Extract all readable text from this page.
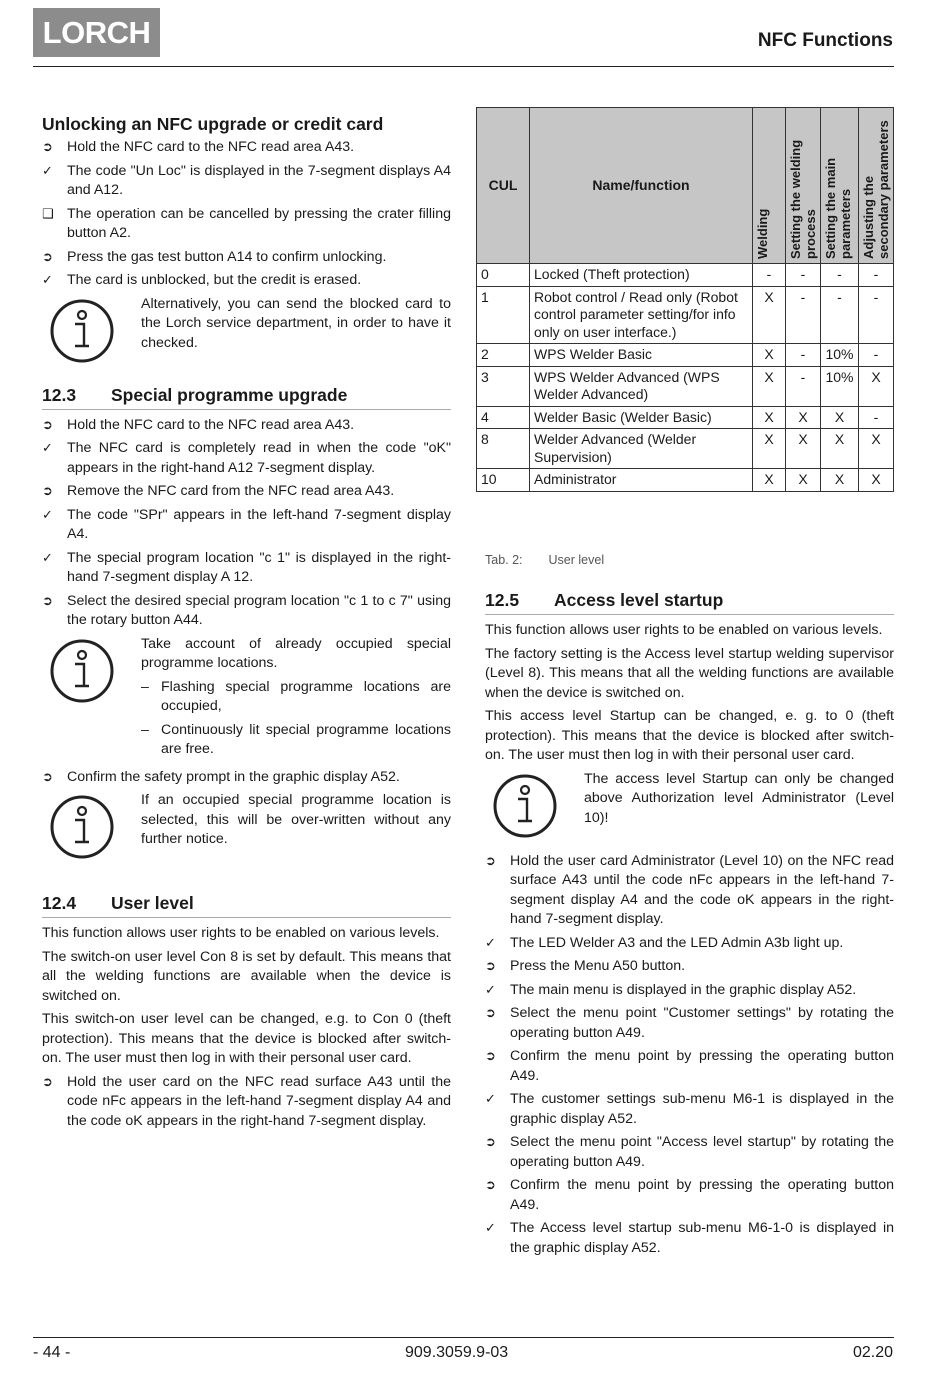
LORCH	NFC Functions
Unlocking an NFC upgrade or credit card
➲ Hold the NFC card to the NFC read area A43.
✓ The code "Un Loc" is displayed in the 7-segment displays A4 and A12.
❑ The operation can be cancelled by pressing the crater filling button A2.
➲ Press the gas test button A14 to confirm unlocking.
✓ The card is unblocked, but the credit is erased.
Alternatively, you can send the blocked card to the Lorch service department, in order to have it checked.
12.3	Special programme upgrade
➲ Hold the NFC card to the NFC read area A43.
✓ The NFC card is completely read in when the code "oK" appears in the right-hand A12 7-segment display.
➲ Remove the NFC card from the NFC read area A43.
✓ The code "SPr" appears in the left-hand 7-segment display A4.
✓ The special program location "c 1" is displayed in the right-hand 7-segment display A 12.
➲ Select the desired special program location "c 1 to c 7" using the rotary button A44.
Take account of already occupied special programme locations.
– Flashing special programme locations are occupied,
– Continuously lit special programme locations are free.
➲ Confirm the safety prompt in the graphic display A52.
If an occupied special programme location is selected, this will be over-written without any further notice.
12.4	User level

This function allows user rights to be enabled on various levels.

The switch-on user level Con 8 is set by default. This means that all the welding functions are available when the device is switched on.

This switch-on user level can be changed, e.g. to Con 0 (theft protection). This means that the device is blocked after switch-on. The user must then log in with their personal user card.

➲ Hold the user card on the NFC read surface A43 until the code nFc appears in the left-hand 7-segment display A4 and the code oK appears in the right-hand 7-segment display.
CUL	Name/function	Welding	Setting the welding process	Setting the main parameters	Adjusting the secondary parameters

0	Locked (Theft protection)	-	-	-	-
1	Robot control / Read only (Robot control parameter setting/for info only on user interface.)	X	-	-	-
2	WPS Welder Basic	X	-	10%	-
3	WPS Welder Advanced (WPS Welder Advanced)	X	-	10%	X
4	Welder Basic (Welder Basic)	X	X	X	-
8	Welder Advanced (Welder Supervision)	X	X	X	X
10	Administrator	X	X	X	X
Tab. 2: User level
12.5	Access level startup

This function allows user rights to be enabled on various levels.

The factory setting is the Access level startup welding supervisor (Level 8). This means that all the welding functions are available when the device is switched on.

This access level Startup can be changed, e. g. to 0 (theft protection). This means that the device is blocked after switch-on. The user must then log in with their personal user card.

The access level Startup can only be changed above Authorization level Administrator (Level 10)!
➲ Hold the user card Administrator (Level 10) on the NFC read surface A43 until the code nFc appears in the left-hand 7-segment display A4 and the code oK appears in the right-hand 7-segment display.
✓ The LED Welder A3 and the LED Admin A3b light up.
➲ Press the Menu A50 button.
✓ The main menu is displayed in the graphic display A52.
➲ Select the menu point "Customer settings" by rotating the operating button A49.
➲ Confirm the menu point by pressing the operating button A49.
✓ The customer settings sub-menu M6-1 is displayed in the graphic display A52.
➲ Select the menu point "Access level startup" by rotating the operating button A49.
➲ Confirm the menu point by pressing the operating button A49.
✓ The Access level startup sub-menu M6-1-0 is displayed in the graphic display A52.
- 44 -	909.3059.9-03	02.20
